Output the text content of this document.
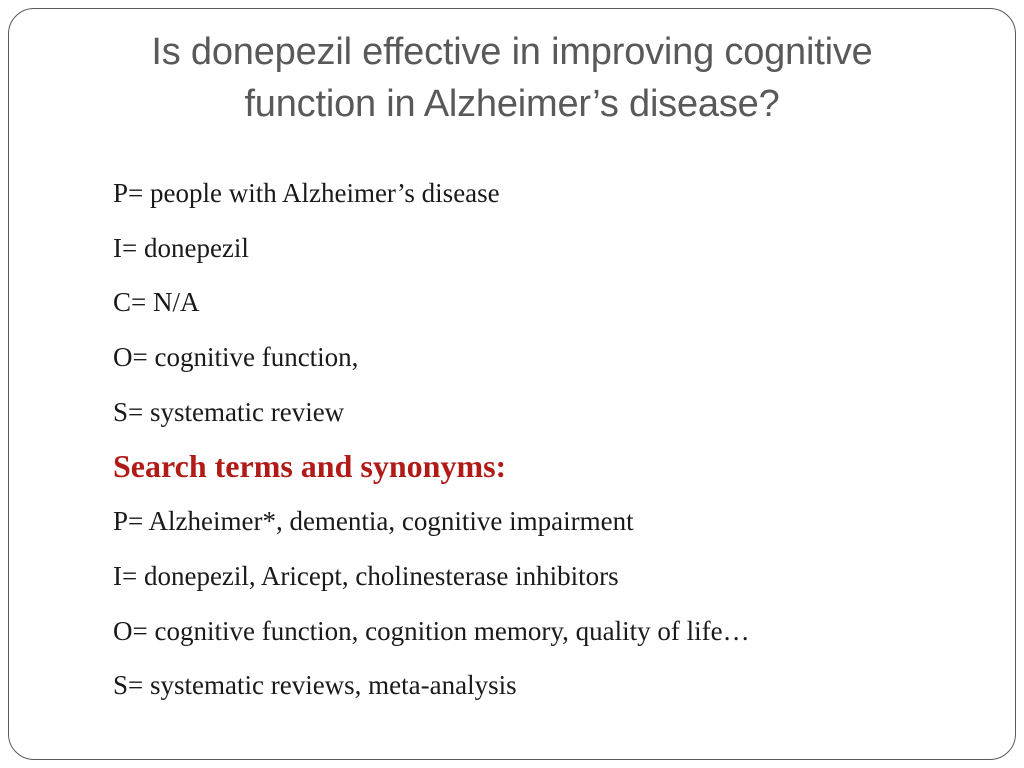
Is donepezil effective in improving cognitive
function in Alzheimer’s disease?
P= people with Alzheimer’s disease
I= donepezil
C= N/A
O= cognitive function,
S= systematic review
Search terms and synonyms:
P= Alzheimer*, dementia, cognitive impairment
I= donepezil, Aricept, cholinesterase inhibitors
O= cognitive function, cognition memory, quality of life…
S= systematic reviews, meta-analysis
